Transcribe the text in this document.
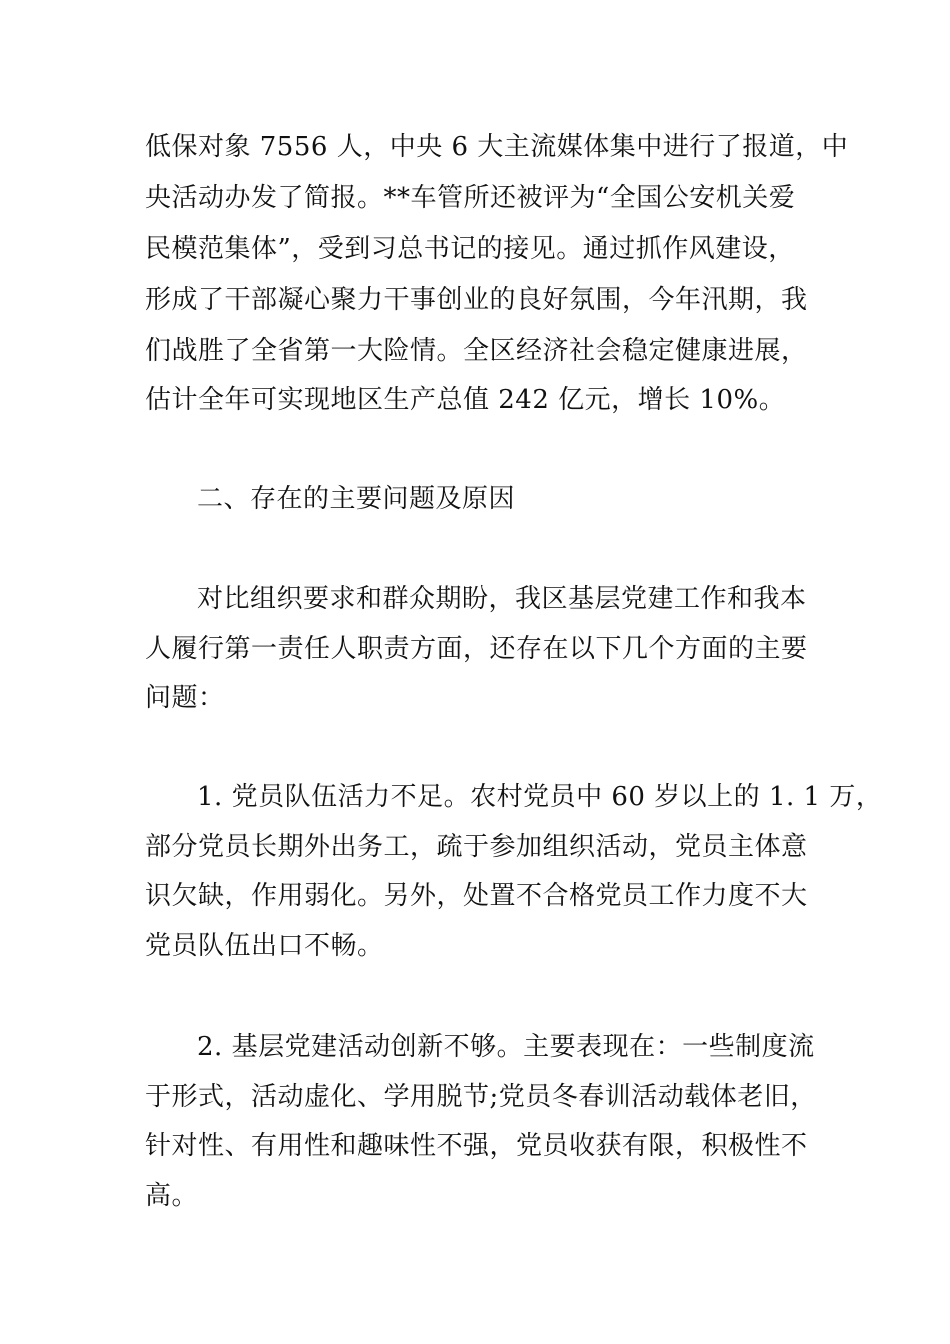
低保对象 7556 人，中央 6 大主流媒体集中进行了报道，中
央活动办发了简报。**车管所还被评为“全国公安机关爱
民模范集体”，受到习总书记的接见。通过抓作风建设，
形成了干部凝心聚力干事创业的良好氛围，今年汛期，我
们战胜了全省第一大险情。全区经济社会稳定健康进展，
估计全年可实现地区生产总值 242 亿元，增长 10%。
二、存在的主要问题及原因
对比组织要求和群众期盼，我区基层党建工作和我本
人履行第一责任人职责方面，还存在以下几个方面的主要
问题：
1. 党员队伍活力不足。农村党员中 60 岁以上的 1. 1 万，
部分党员长期外出务工，疏于参加组织活动，党员主体意
识欠缺，作用弱化。另外，处置不合格党员工作力度不大
党员队伍出口不畅。
2. 基层党建活动创新不够。主要表现在：一些制度流
于形式，活动虚化、学用脱节;党员冬春训活动载体老旧，
针对性、有用性和趣味性不强，党员收获有限，积极性不
高。
